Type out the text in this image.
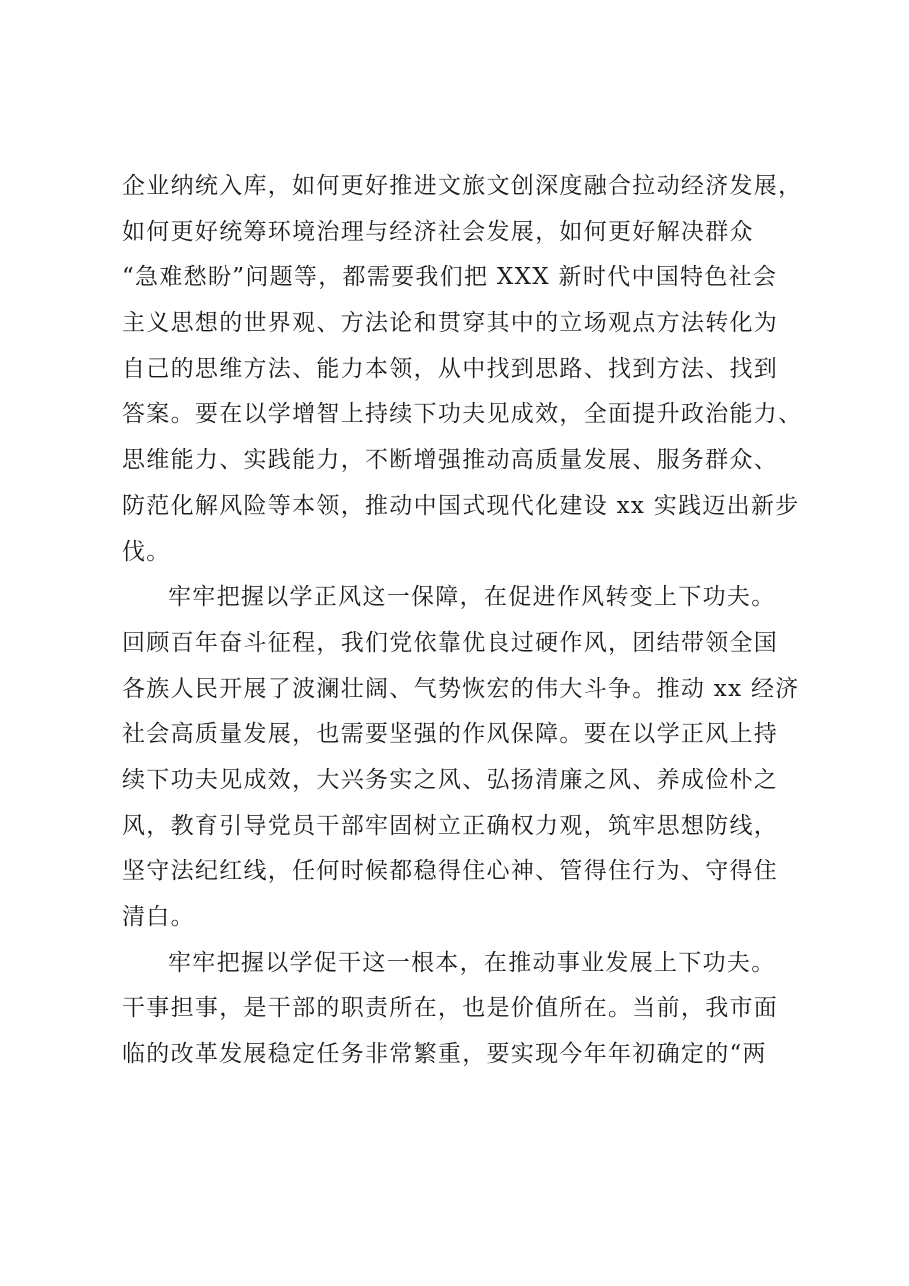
企业纳统入库，如何更好推进文旅文创深度融合拉动经济发展，
如何更好统筹环境治理与经济社会发展，如何更好解决群众
“急难愁盼”问题等，都需要我们把 XXX 新时代中国特色社会
主义思想的世界观、方法论和贯穿其中的立场观点方法转化为
自己的思维方法、能力本领，从中找到思路、找到方法、找到
答案。要在以学增智上持续下功夫见成效，全面提升政治能力、
思维能力、实践能力，不断增强推动高质量发展、服务群众、
防范化解风险等本领，推动中国式现代化建设 xx 实践迈出新步
伐。
牢牢把握以学正风这一保障，在促进作风转变上下功夫。
回顾百年奋斗征程，我们党依靠优良过硬作风，团结带领全国
各族人民开展了波澜壮阔、气势恢宏的伟大斗争。推动 xx 经济
社会高质量发展，也需要坚强的作风保障。要在以学正风上持
续下功夫见成效，大兴务实之风、弘扬清廉之风、养成俭朴之
风，教育引导党员干部牢固树立正确权力观，筑牢思想防线，
坚守法纪红线，任何时候都稳得住心神、管得住行为、守得住
清白。
牢牢把握以学促干这一根本，在推动事业发展上下功夫。
干事担事，是干部的职责所在，也是价值所在。当前，我市面
临的改革发展稳定任务非常繁重，要实现今年年初确定的“两
